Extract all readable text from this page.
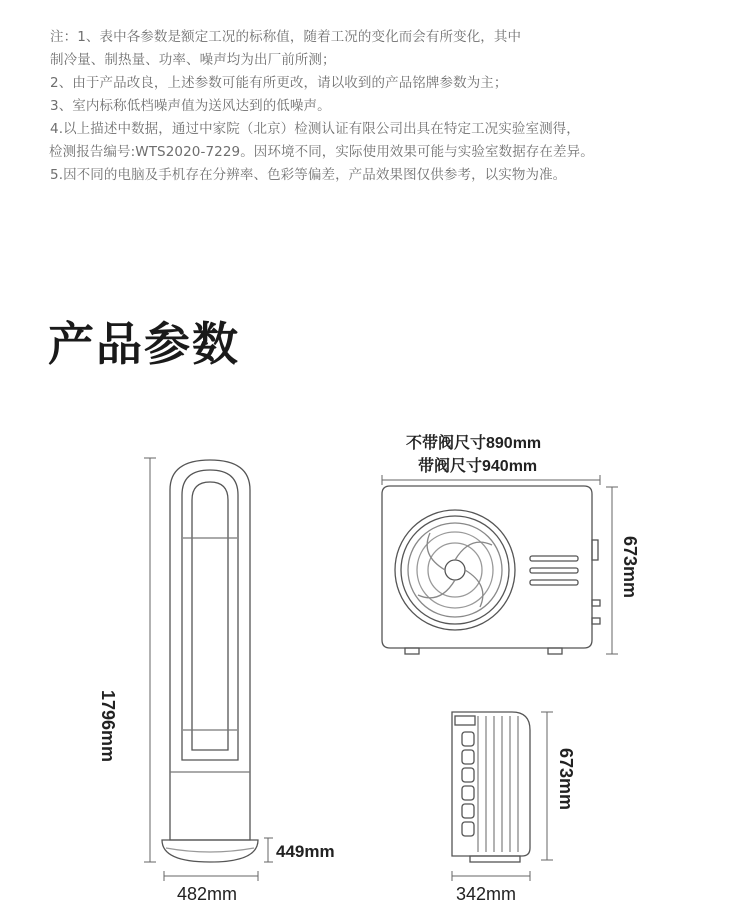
注：1、表中各参数是额定工况的标称值，随着工况的变化而会有所变化，其中
制冷量、制热量、功率、噪声均为出厂前所测；
2、由于产品改良，上述参数可能有所更改，请以收到的产品铭牌参数为主；
3、室内标称低档噪声值为送风达到的低噪声。
4.以上描述中数据，通过中家院（北京）检测认证有限公司出具在特定工况实验室测得，
检测报告编号:WTS2020-7229。因环境不同，实际使用效果可能与实验室数据存在差异。
5.因不同的电脑及手机存在分辨率、色彩等偏差，产品效果图仅供参考，以实物为准。
产品参数
1796mm
449mm
482mm
不带阀尺寸890mm
带阀尺寸940mm
673mm
673mm
342mm
